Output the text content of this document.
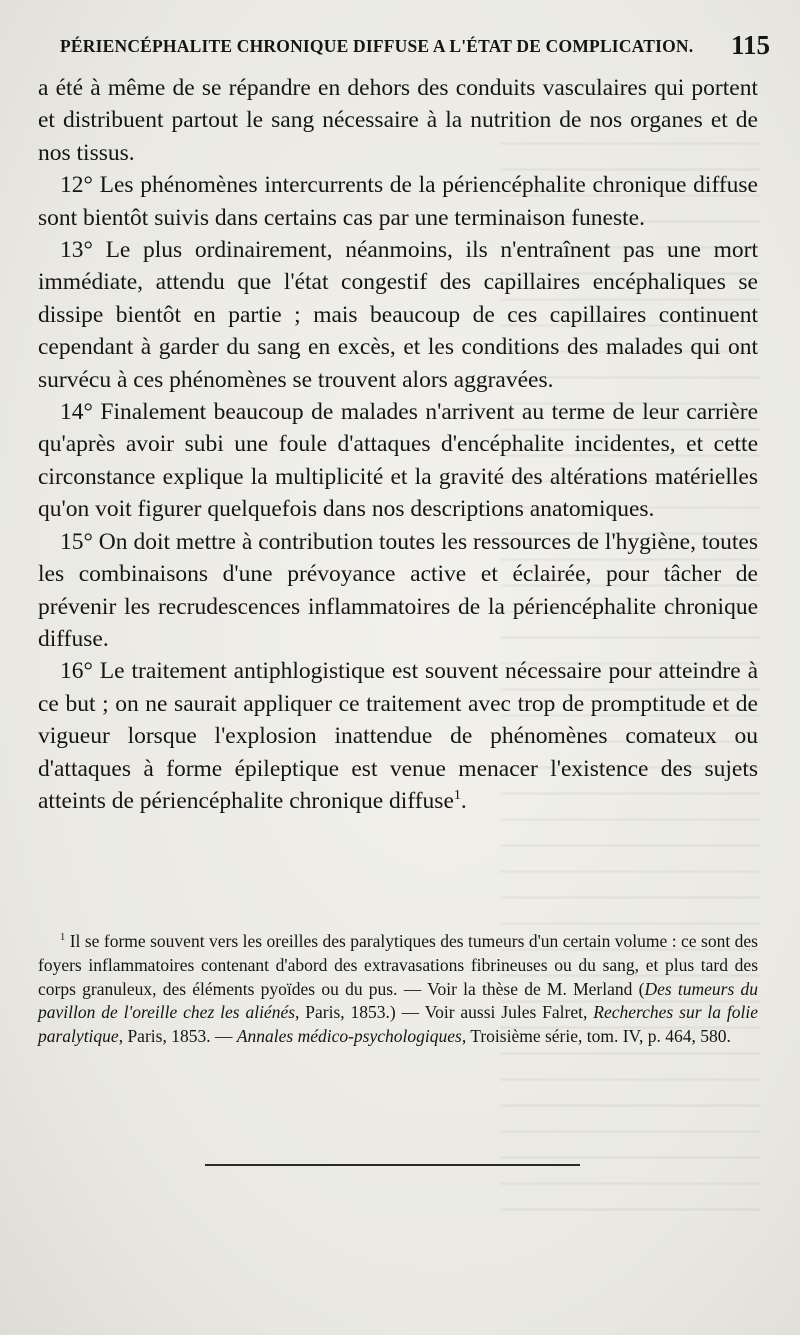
PÉRIENCÉPHALITE CHRONIQUE DIFFUSE A L'ÉTAT DE COMPLICATION. 115

a été à même de se répandre en dehors des conduits vasculaires qui portent et distribuent partout le sang nécessaire à la nutrition de nos organes et de nos tissus.

12° Les phénomènes intercurrents de la périencéphalite chronique diffuse sont bientôt suivis dans certains cas par une terminaison funeste.

13° Le plus ordinairement, néanmoins, ils n'entraînent pas une mort immédiate, attendu que l'état congestif des capillaires encéphaliques se dissipe bientôt en partie ; mais beaucoup de ces capillaires continuent cependant à garder du sang en excès, et les conditions des malades qui ont survécu à ces phénomènes se trouvent alors aggravées.

14° Finalement beaucoup de malades n'arrivent au terme de leur carrière qu'après avoir subi une foule d'attaques d'encéphalite incidentes, et cette circonstance explique la multiplicité et la gravité des altérations matérielles qu'on voit figurer quelquefois dans nos descriptions anatomiques.

15° On doit mettre à contribution toutes les ressources de l'hygiène, toutes les combinaisons d'une prévoyance active et éclairée, pour tâcher de prévenir les recrudescences inflammatoires de la périencéphalite chronique diffuse.

16° Le traitement antiphlogistique est souvent nécessaire pour atteindre à ce but ; on ne saurait appliquer ce traitement avec trop de promptitude et de vigueur lorsque l'explosion inattendue de phénomènes comateux ou d'attaques à forme épileptique est venue menacer l'existence des sujets atteints de périencéphalite chronique diffuse$^1$.

$^1$ Il se forme souvent vers les oreilles des paralytiques des tumeurs d'un certain volume : ce sont des foyers inflammatoires contenant d'abord des extravasations fibrineuses ou du sang, et plus tard des corps granuleux, des éléments pyoïdes ou du pus. — Voir la thèse de M. Merland (Des tumeurs du pavillon de l'oreille chez les aliénés, Paris, 1853.) — Voir aussi Jules Falret, Recherches sur la folie paralytique, Paris, 1853. — Annales médico-psychologiques, Troisième série, tom. IV, p. 464, 580.
